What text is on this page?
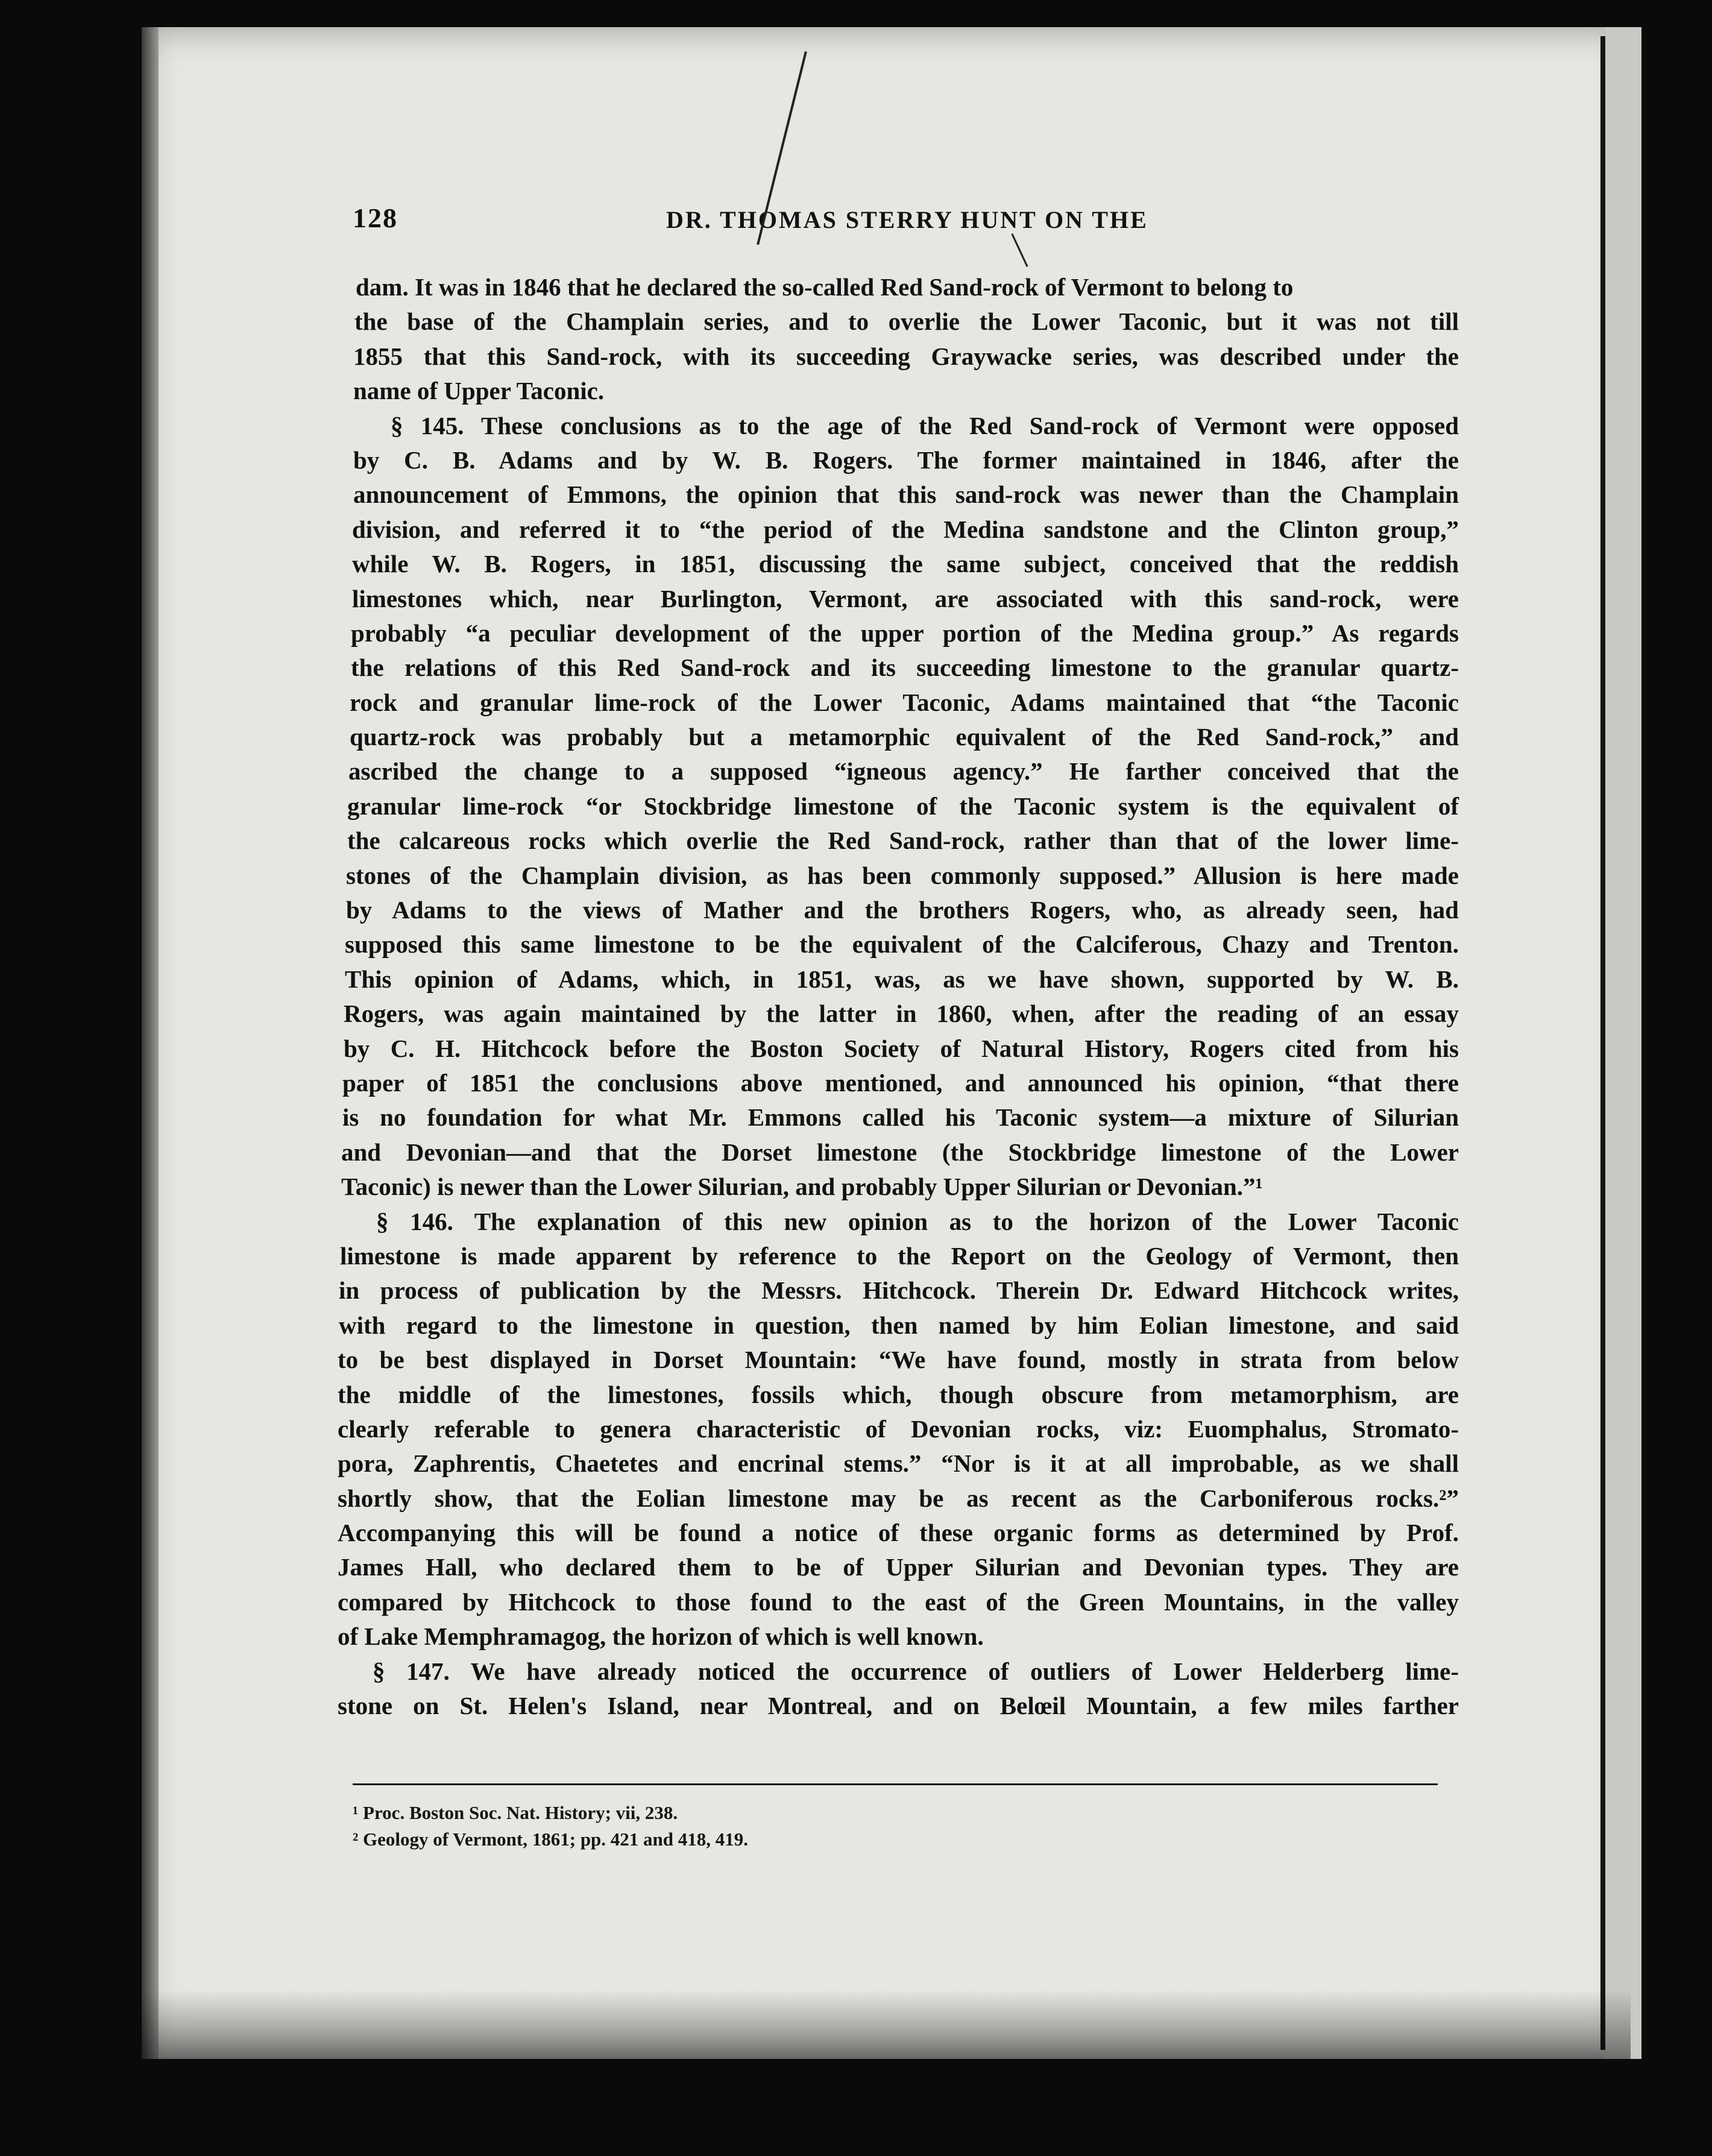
128	DR. THOMAS STERRY HUNT ON THE
dam. It was in 1846 that he declared the so-called Red Sand-rock of Vermont to belong to
the base of the Champlain series, and to overlie the Lower Taconic, but it was not till
1855 that this Sand-rock, with its succeeding Graywacke series, was described under the
name of Upper Taconic.
§ 145. These conclusions as to the age of the Red Sand-rock of Vermont were opposed
by C. B. Adams and by W. B. Rogers. The former maintained in 1846, after the
announcement of Emmons, the opinion that this sand-rock was newer than the Champlain
division, and referred it to “the period of the Medina sandstone and the Clinton group,”
while W. B. Rogers, in 1851, discussing the same subject, conceived that the reddish
limestones which, near Burlington, Vermont, are associated with this sand-rock, were
probably “a peculiar development of the upper portion of the Medina group.” As regards
the relations of this Red Sand-rock and its succeeding limestone to the granular quartz-
rock and granular lime-rock of the Lower Taconic, Adams maintained that “the Taconic
quartz-rock was probably but a metamorphic equivalent of the Red Sand-rock,” and
ascribed the change to a supposed “igneous agency.” He farther conceived that the
granular lime-rock “or Stockbridge limestone of the Taconic system is the equivalent of
the calcareous rocks which overlie the Red Sand-rock, rather than that of the lower lime-
stones of the Champlain division, as has been commonly supposed.” Allusion is here made
by Adams to the views of Mather and the brothers Rogers, who, as already seen, had
supposed this same limestone to be the equivalent of the Calciferous, Chazy and Trenton.
This opinion of Adams, which, in 1851, was, as we have shown, supported by W. B.
Rogers, was again maintained by the latter in 1860, when, after the reading of an essay
by C. H. Hitchcock before the Boston Society of Natural History, Rogers cited from his
paper of 1851 the conclusions above mentioned, and announced his opinion, “that there
is no foundation for what Mr. Emmons called his Taconic system—a mixture of Silurian
and Devonian—and that the Dorset limestone (the Stockbridge limestone of the Lower
Taconic) is newer than the Lower Silurian, and probably Upper Silurian or Devonian.”¹
§ 146. The explanation of this new opinion as to the horizon of the Lower Taconic
limestone is made apparent by reference to the Report on the Geology of Vermont, then
in process of publication by the Messrs. Hitchcock. Therein Dr. Edward Hitchcock writes,
with regard to the limestone in question, then named by him Eolian limestone, and said
to be best displayed in Dorset Mountain: “We have found, mostly in strata from below
the middle of the limestones, fossils which, though obscure from metamorphism, are
clearly referable to genera characteristic of Devonian rocks, viz: Euomphalus, Stromato-
pora, Zaphrentis, Chaetetes and encrinal stems.” “Nor is it at all improbable, as we shall
shortly show, that the Eolian limestone may be as recent as the Carboniferous rocks.²”
Accompanying this will be found a notice of these organic forms as determined by Prof.
James Hall, who declared them to be of Upper Silurian and Devonian types. They are
compared by Hitchcock to those found to the east of the Green Mountains, in the valley
of Lake Memphramagog, the horizon of which is well known.
§ 147. We have already noticed the occurrence of outliers of Lower Helderberg lime-
stone on St. Helen's Island, near Montreal, and on Belœil Mountain, a few miles farther
¹ Proc. Boston Soc. Nat. History; vii, 238.
² Geology of Vermont, 1861; pp. 421 and 418, 419.
